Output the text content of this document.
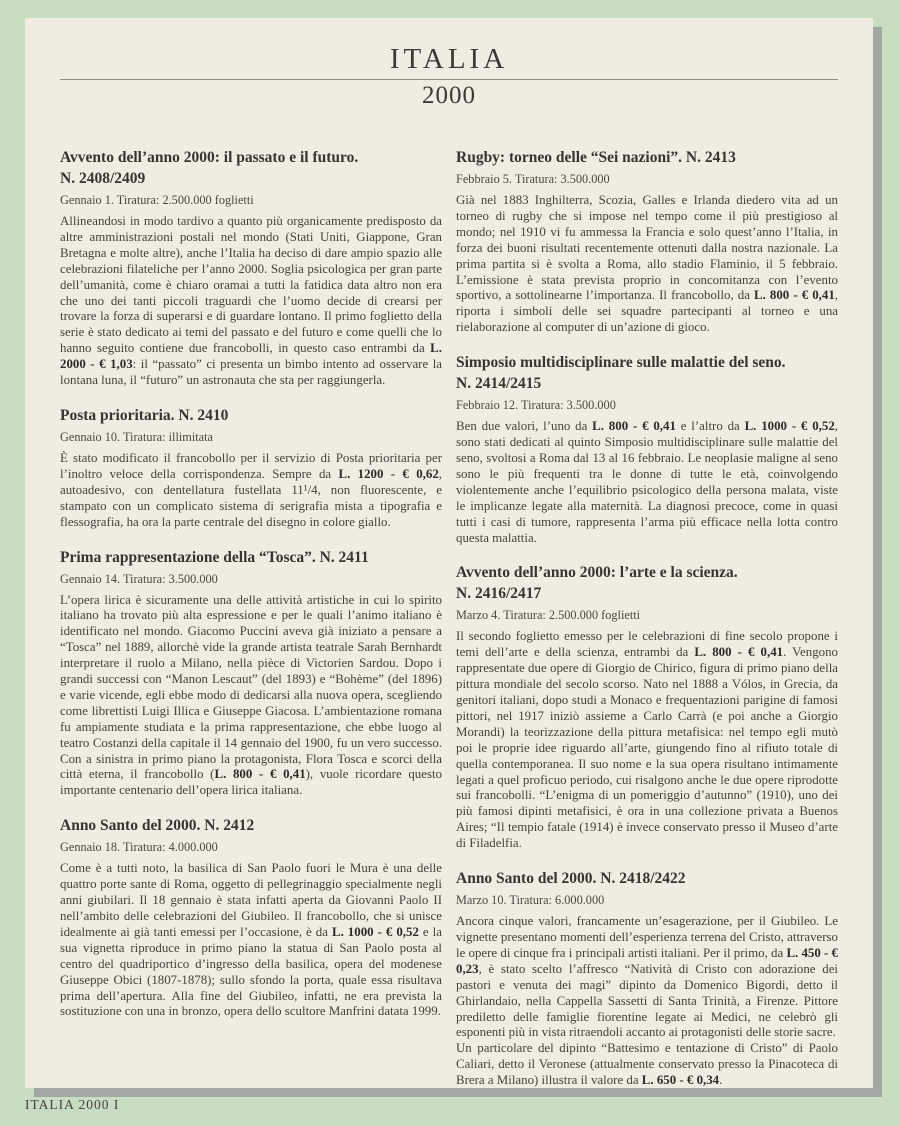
ITALIA
2000
Avvento dell’anno 2000: il passato e il futuro.
N. 2408/2409
Gennaio 1. Tiratura: 2.500.000 foglietti

Allineandosi in modo tardivo a quanto più organicamente predisposto da altre amministrazioni postali nel mondo (Stati Uniti, Giappone, Gran Bretagna e molte altre), anche l’Italia ha deciso di dare ampio spazio alle celebrazioni filateliche per l’anno 2000. Soglia psicologica per gran parte dell’umanità, come è chiaro oramai a tutti la fatidica data altro non era che uno dei tanti piccoli traguardi che l’uomo decide di crearsi per trovare la forza di superarsi e di guardare lontano. Il primo foglietto della serie è stato dedicato ai temi del passato e del futuro e come quelli che lo hanno seguito contiene due francobolli, in questo caso entrambi da L. 2000 - € 1,03: il “passato” ci presenta un bimbo intento ad osservare la lontana luna, il “futuro” un astronauta che sta per raggiungerla.

Posta prioritaria. N. 2410
Gennaio 10. Tiratura: illimitata

È stato modificato il francobollo per il servizio di Posta prioritaria per l’inoltro veloce della corrispondenza. Sempre da L. 1200 - € 0,62, autoadesivo, con dentellatura fustellata 11¹/4, non fluorescente, e stampato con un complicato sistema di serigrafia mista a tipografia e flessografia, ha ora la parte centrale del disegno in colore giallo.

Prima rappresentazione della “Tosca”. N. 2411
Gennaio 14. Tiratura: 3.500.000

L’opera lirica è sicuramente una delle attività artistiche in cui lo spirito italiano ha trovato più alta espressione e per le quali l’animo italiano è identificato nel mondo. Giacomo Puccini aveva già iniziato a pensare a “Tosca” nel 1889, allorchè vide la grande artista teatrale Sarah Bernhardt interpretare il ruolo a Milano, nella pièce di Victorien Sardou. Dopo i grandi successi con “Manon Lescaut” (del 1893) e “Bohème” (del 1896) e varie vicende, egli ebbe modo di dedicarsi alla nuova opera, scegliendo come librettisti Luigi Illica e Giuseppe Giacosa. L’ambientazione romana fu ampiamente studiata e la prima rappresentazione, che ebbe luogo al teatro Costanzi della capitale il 14 gennaio del 1900, fu un vero successo. Con a sinistra in primo piano la protagonista, Flora Tosca e scorci della città eterna, il francobollo (L. 800 - € 0,41), vuole ricordare questo importante centenario dell’opera lirica italiana.

Anno Santo del 2000. N. 2412
Gennaio 18. Tiratura: 4.000.000

Come è a tutti noto, la basilica di San Paolo fuori le Mura è una delle quattro porte sante di Roma, oggetto di pellegrinaggio specialmente negli anni giubilari. Il 18 gennaio è stata infatti aperta da Giovanni Paolo II nell’ambito delle celebrazioni del Giubileo. Il francobollo, che si unisce idealmente ai già tanti emessi per l’occasione, è da L. 1000 - € 0,52 e la sua vignetta riproduce in primo piano la statua di San Paolo posta al centro del quadriportico d’ingresso della basilica, opera del modenese Giuseppe Obici (1807-1878); sullo sfondo la porta, quale essa risultava prima dell’apertura. Alla fine del Giubileo, infatti, ne era prevista la sostituzione con una in bronzo, opera dello scultore Manfrini datata 1999.

Rugby: torneo delle “Sei nazioni”. N. 2413
Febbraio 5. Tiratura: 3.500.000

Già nel 1883 Inghilterra, Scozia, Galles e Irlanda diedero vita ad un torneo di rugby che si impose nel tempo come il più prestigioso al mondo; nel 1910 vi fu ammessa la Francia e solo quest’anno l’Italia, in forza dei buoni risultati recentemente ottenuti dalla nostra nazionale. La prima partita si è svolta a Roma, allo stadio Flaminio, il 5 febbraio. L’emissione è stata prevista proprio in concomitanza con l’evento sportivo, a sottolinearne l’importanza. Il francobollo, da L. 800 - € 0,41, riporta i simboli delle sei squadre partecipanti al torneo e una rielaborazione al computer di un’azione di gioco.

Simposio multidisciplinare sulle malattie del seno.
N. 2414/2415
Febbraio 12. Tiratura: 3.500.000

Ben due valori, l’uno da L. 800 - € 0,41 e l’altro da L. 1000 - € 0,52, sono stati dedicati al quinto Simposio multidisciplinare sulle malattie del seno, svoltosi a Roma dal 13 al 16 febbraio. Le neoplasie maligne al seno sono le più frequenti tra le donne di tutte le età, coinvolgendo violentemente anche l’equilibrio psicologico della persona malata, viste le implicanze legate alla maternità. La diagnosi precoce, come in quasi tutti i casi di tumore, rappresenta l’arma più efficace nella lotta contro questa malattia.

Avvento dell’anno 2000: l’arte e la scienza.
N. 2416/2417
Marzo 4. Tiratura: 2.500.000 foglietti

Il secondo foglietto emesso per le celebrazioni di fine secolo propone i temi dell’arte e della scienza, entrambi da L. 800 - € 0,41. Vengono rappresentate due opere di Giorgio de Chirico, figura di primo piano della pittura mondiale del secolo scorso. Nato nel 1888 a Vólos, in Grecia, da genitori italiani, dopo studi a Monaco e frequentazioni parigine di famosi pittori, nel 1917 iniziò assieme a Carlo Carrà (e poi anche a Giorgio Morandi) la teorizzazione della pittura metafisica: nel tempo egli mutò poi le proprie idee riguardo all’arte, giungendo fino al rifiuto totale di quella contemporanea. Il suo nome e la sua opera risultano intimamente legati a quel proficuo periodo, cui risalgono anche le due opere riprodotte sui francobolli. “L’enigma di un pomeriggio d’autunno” (1910), uno dei più famosi dipinti metafisici, è ora in una collezione privata a Buenos Aires; “Il tempio fatale (1914) è invece conservato presso il Museo d’arte di Filadelfia.

Anno Santo del 2000. N. 2418/2422
Marzo 10. Tiratura: 6.000.000

Ancora cinque valori, francamente un’esagerazione, per il Giubileo. Le vignette presentano momenti dell’esperienza terrena del Cristo, attraverso le opere di cinque fra i principali artisti italiani. Per il primo, da L. 450 - € 0,23, è stato scelto l’affresco “Natività di Cristo con adorazione dei pastori e venuta dei magi” dipinto da Domenico Bigordi, detto il Ghirlandaio, nella Cappella Sassetti di Santa Trinità, a Firenze. Pittore prediletto delle famiglie fiorentine legate ai Medici, ne celebrò gli esponenti più in vista ritraendoli accanto ai protagonisti delle storie sacre.
Un particolare del dipinto “Battesimo e tentazione di Cristo” di Paolo Caliari, detto il Veronese (attualmente conservato presso la Pinacoteca di Brera a Milano) illustra il valore da L. 650 - € 0,34.

ITALIA 2000 I
